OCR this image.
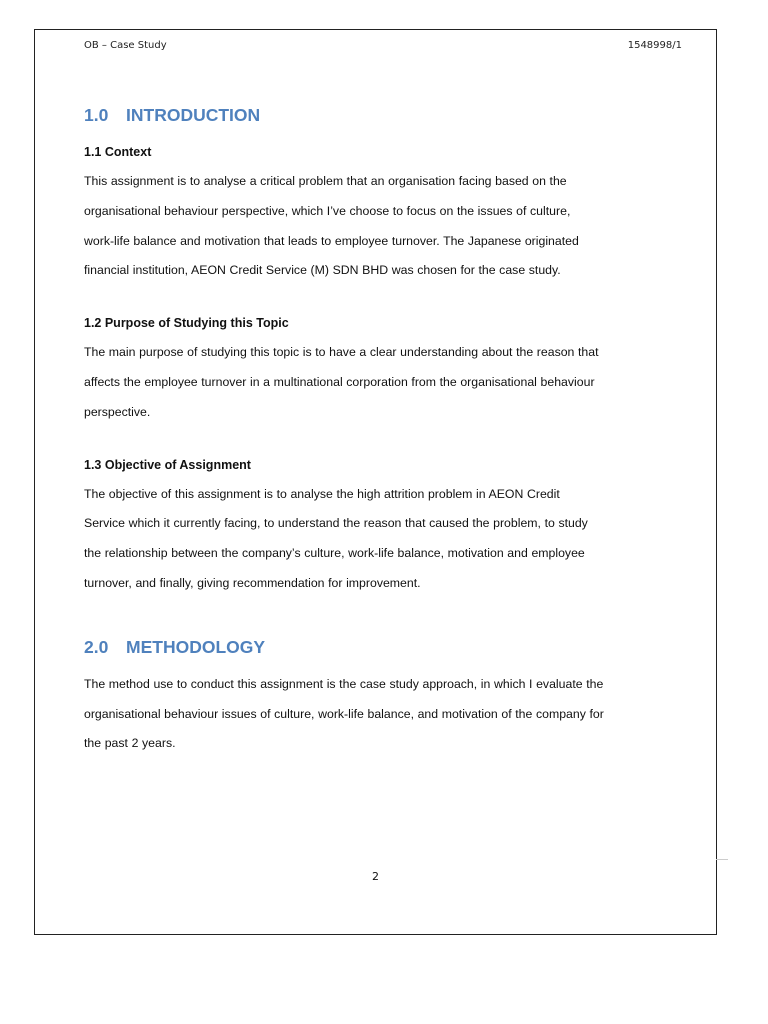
OB – Case Study	1548998/1
1.0 INTRODUCTION
1.1 Context

This assignment is to analyse a critical problem that an organisation facing based on the organisational behaviour perspective, which I’ve choose to focus on the issues of culture, work-life balance and motivation that leads to employee turnover. The Japanese originated financial institution, AEON Credit Service (M) SDN BHD was chosen for the case study.

1.2 Purpose of Studying this Topic

The main purpose of studying this topic is to have a clear understanding about the reason that affects the employee turnover in a multinational corporation from the organisational behaviour perspective.

1.3 Objective of Assignment

The objective of this assignment is to analyse the high attrition problem in AEON Credit Service which it currently facing, to understand the reason that caused the problem, to study the relationship between the company’s culture, work-life balance, motivation and employee turnover, and finally, giving recommendation for improvement.

2.0 METHODOLOGY

The method use to conduct this assignment is the case study approach, in which I evaluate the organisational behaviour issues of culture, work-life balance, and motivation of the company for the past 2 years.

2
